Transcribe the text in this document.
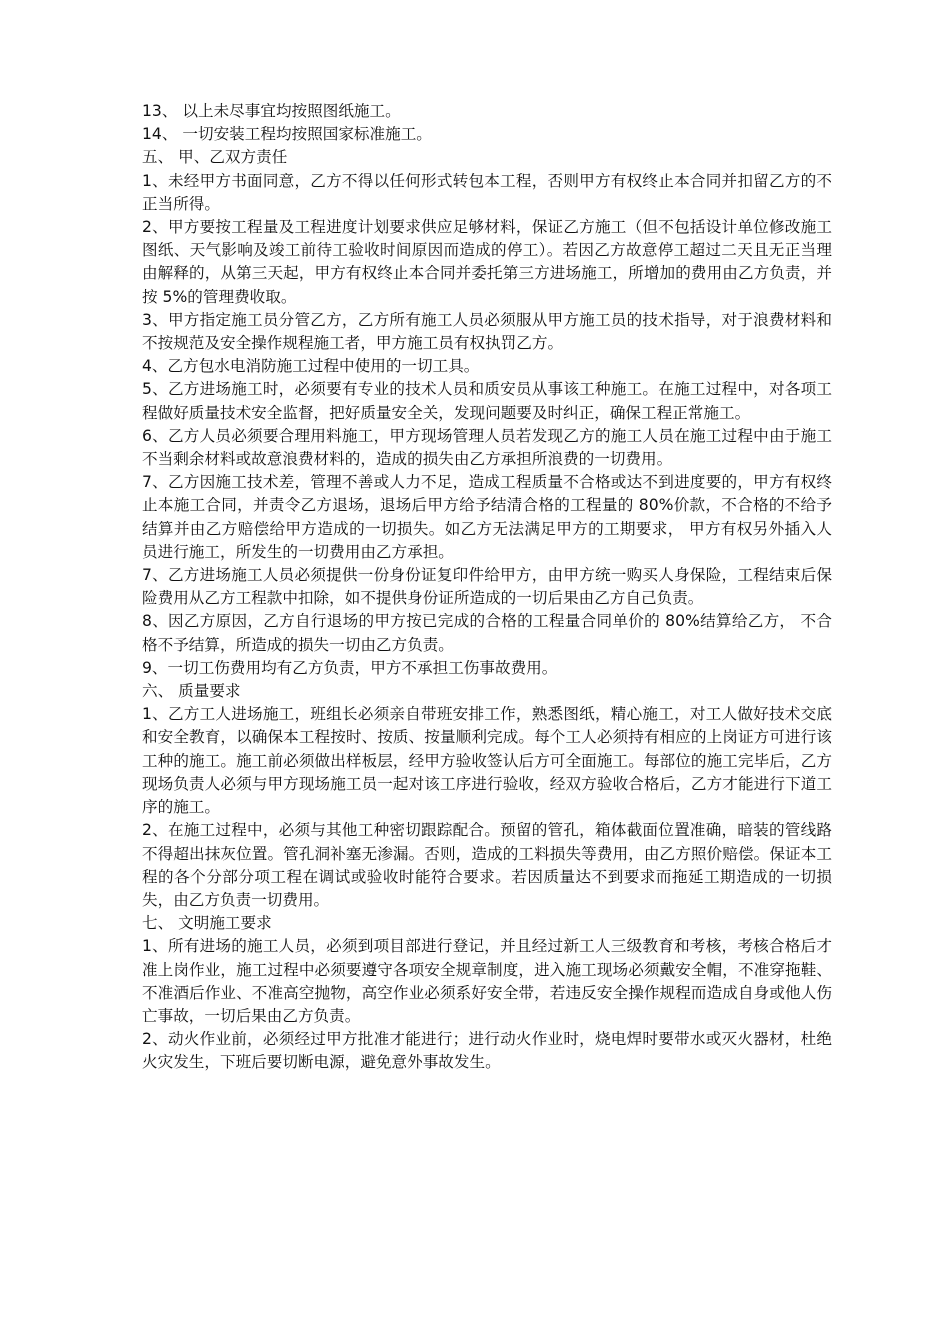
13、 以上未尽事宜均按照图纸施工。

14、 一切安装工程均按照国家标准施工。

五、 甲、乙双方责任

1、未经甲方书面同意，乙方不得以任何形式转包本工程，否则甲方有权终止本合同并扣留乙方的不正当所得。

2、甲方要按工程量及工程进度计划要求供应足够材料，保证乙方施工（但不包括设计单位修改施工图纸、天气影响及竣工前待工验收时间原因而造成的停工）。若因乙方故意停工超过二天且无正当理由解释的，从第三天起，甲方有权终止本合同并委托第三方进场施工，所增加的费用由乙方负责，并按 5%的管理费收取。

3、甲方指定施工员分管乙方，乙方所有施工人员必须服从甲方施工员的技术指导，对于浪费材料和不按规范及安全操作规程施工者，甲方施工员有权执罚乙方。

4、乙方包水电消防施工过程中使用的一切工具。

5、乙方进场施工时，必须要有专业的技术人员和质安员从事该工种施工。在施工过程中，对各项工程做好质量技术安全监督，把好质量安全关，发现问题要及时纠正，确保工程正常施工。

6、乙方人员必须要合理用料施工，甲方现场管理人员若发现乙方的施工人员在施工过程中由于施工不当剩余材料或故意浪费材料的，造成的损失由乙方承担所浪费的一切费用。

7、乙方因施工技术差，管理不善或人力不足，造成工程质量不合格或达不到进度要的，甲方有权终止本施工合同，并责令乙方退场，退场后甲方给予结清合格的工程量的 80%价款，不合格的不给予结算并由乙方赔偿给甲方造成的一切损失。如乙方无法满足甲方的工期要求， 甲方有权另外插入人员进行施工，所发生的一切费用由乙方承担。

7、乙方进场施工人员必须提供一份身份证复印件给甲方，由甲方统一购买人身保险，工程结束后保险费用从乙方工程款中扣除，如不提供身份证所造成的一切后果由乙方自己负责。

8、因乙方原因，乙方自行退场的甲方按已完成的合格的工程量合同单价的 80%结算给乙方， 不合格不予结算，所造成的损失一切由乙方负责。

9、一切工伤费用均有乙方负责，甲方不承担工伤事故费用。

六、 质量要求

1、乙方工人进场施工，班组长必须亲自带班安排工作，熟悉图纸，精心施工，对工人做好技术交底和安全教育，以确保本工程按时、按质、按量顺利完成。每个工人必须持有相应的上岗证方可进行该工种的施工。施工前必须做出样板层，经甲方验收签认后方可全面施工。每部位的施工完毕后，乙方现场负责人必须与甲方现场施工员一起对该工序进行验收，经双方验收合格后，乙方才能进行下道工序的施工。

2、在施工过程中，必须与其他工种密切跟踪配合。预留的管孔，箱体截面位置准确，暗装的管线路不得超出抹灰位置。管孔洞补塞无渗漏。否则，造成的工料损失等费用，由乙方照价赔偿。保证本工程的各个分部分项工程在调试或验收时能符合要求。若因质量达不到要求而拖延工期造成的一切损失，由乙方负责一切费用。

七、 文明施工要求

1、所有进场的施工人员，必须到项目部进行登记，并且经过新工人三级教育和考核，考核合格后才准上岗作业，施工过程中必须要遵守各项安全规章制度，进入施工现场必须戴安全帽，不准穿拖鞋、不准酒后作业、不准高空抛物，高空作业必须系好安全带，若违反安全操作规程而造成自身或他人伤亡事故，一切后果由乙方负责。

2、动火作业前，必须经过甲方批准才能进行；进行动火作业时，烧电焊时要带水或灭火器材，杜绝火灾发生，下班后要切断电源，避免意外事故发生。
